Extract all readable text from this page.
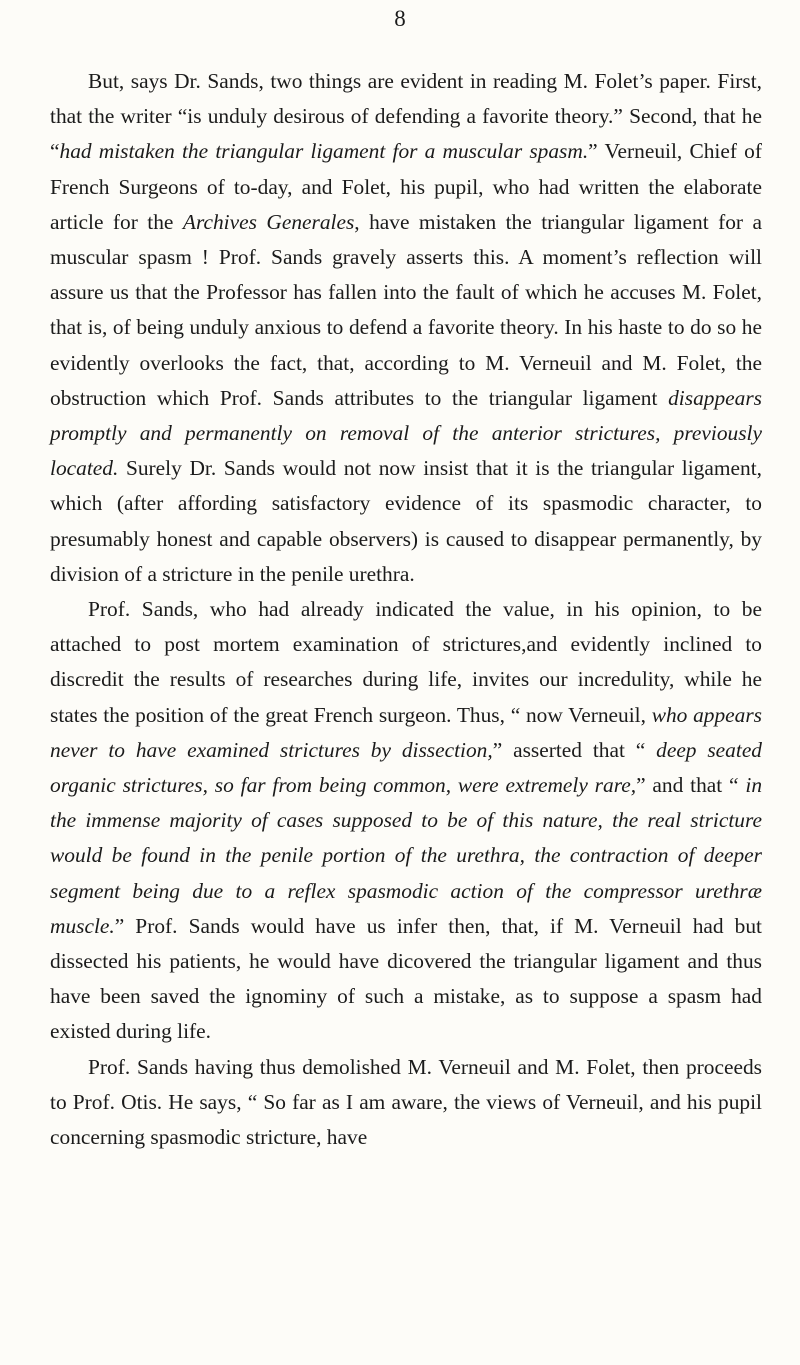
8

But, says Dr. Sands, two things are evident in reading M. Folet’s paper. First, that the writer “is unduly desirous of defending a favorite theory.” Second, that he “had mistaken the triangular ligament for a muscular spasm.” Verneuil, Chief of French Surgeons of to-day, and Folet, his pupil, who had written the elaborate article for the Archives Generales, have mistaken the triangular ligament for a muscular spasm ! Prof. Sands gravely asserts this. A moment’s reflection will assure us that the Professor has fallen into the fault of which he accuses M. Folet, that is, of being unduly anxious to defend a favorite theory. In his haste to do so he evidently overlooks the fact, that, according to M. Verneuil and M. Folet, the obstruction which Prof. Sands attributes to the triangular ligament disappears promptly and permanently on removal of the anterior strictures, previously located. Surely Dr. Sands would not now insist that it is the triangular ligament, which (after affording satisfactory evidence of its spasmodic character, to presumably honest and capable observers) is caused to disappear permanently, by division of a stricture in the penile urethra.

Prof. Sands, who had already indicated the value, in his opinion, to be attached to post mortem examination of strictures,and evidently inclined to discredit the results of researches during life, invites our incredulity, while he states the position of the great French surgeon. Thus, “ now Verneuil, who appears never to have examined strictures by dissection,” asserted that “ deep seated organic strictures, so far from being common, were extremely rare,” and that “ in the immense majority of cases supposed to be of this nature, the real stricture would be found in the penile portion of the urethra, the contraction of deeper segment being due to a reflex spasmodic action of the compressor urethræ muscle.” Prof. Sands would have us infer then, that, if M. Verneuil had but dissected his patients, he would have dicovered the triangular ligament and thus have been saved the ignominy of such a mistake, as to suppose a spasm had existed during life.

Prof. Sands having thus demolished M. Verneuil and M. Folet, then proceeds to Prof. Otis. He says, “ So far as I am aware, the views of Verneuil, and his pupil concerning spasmodic stricture, have
